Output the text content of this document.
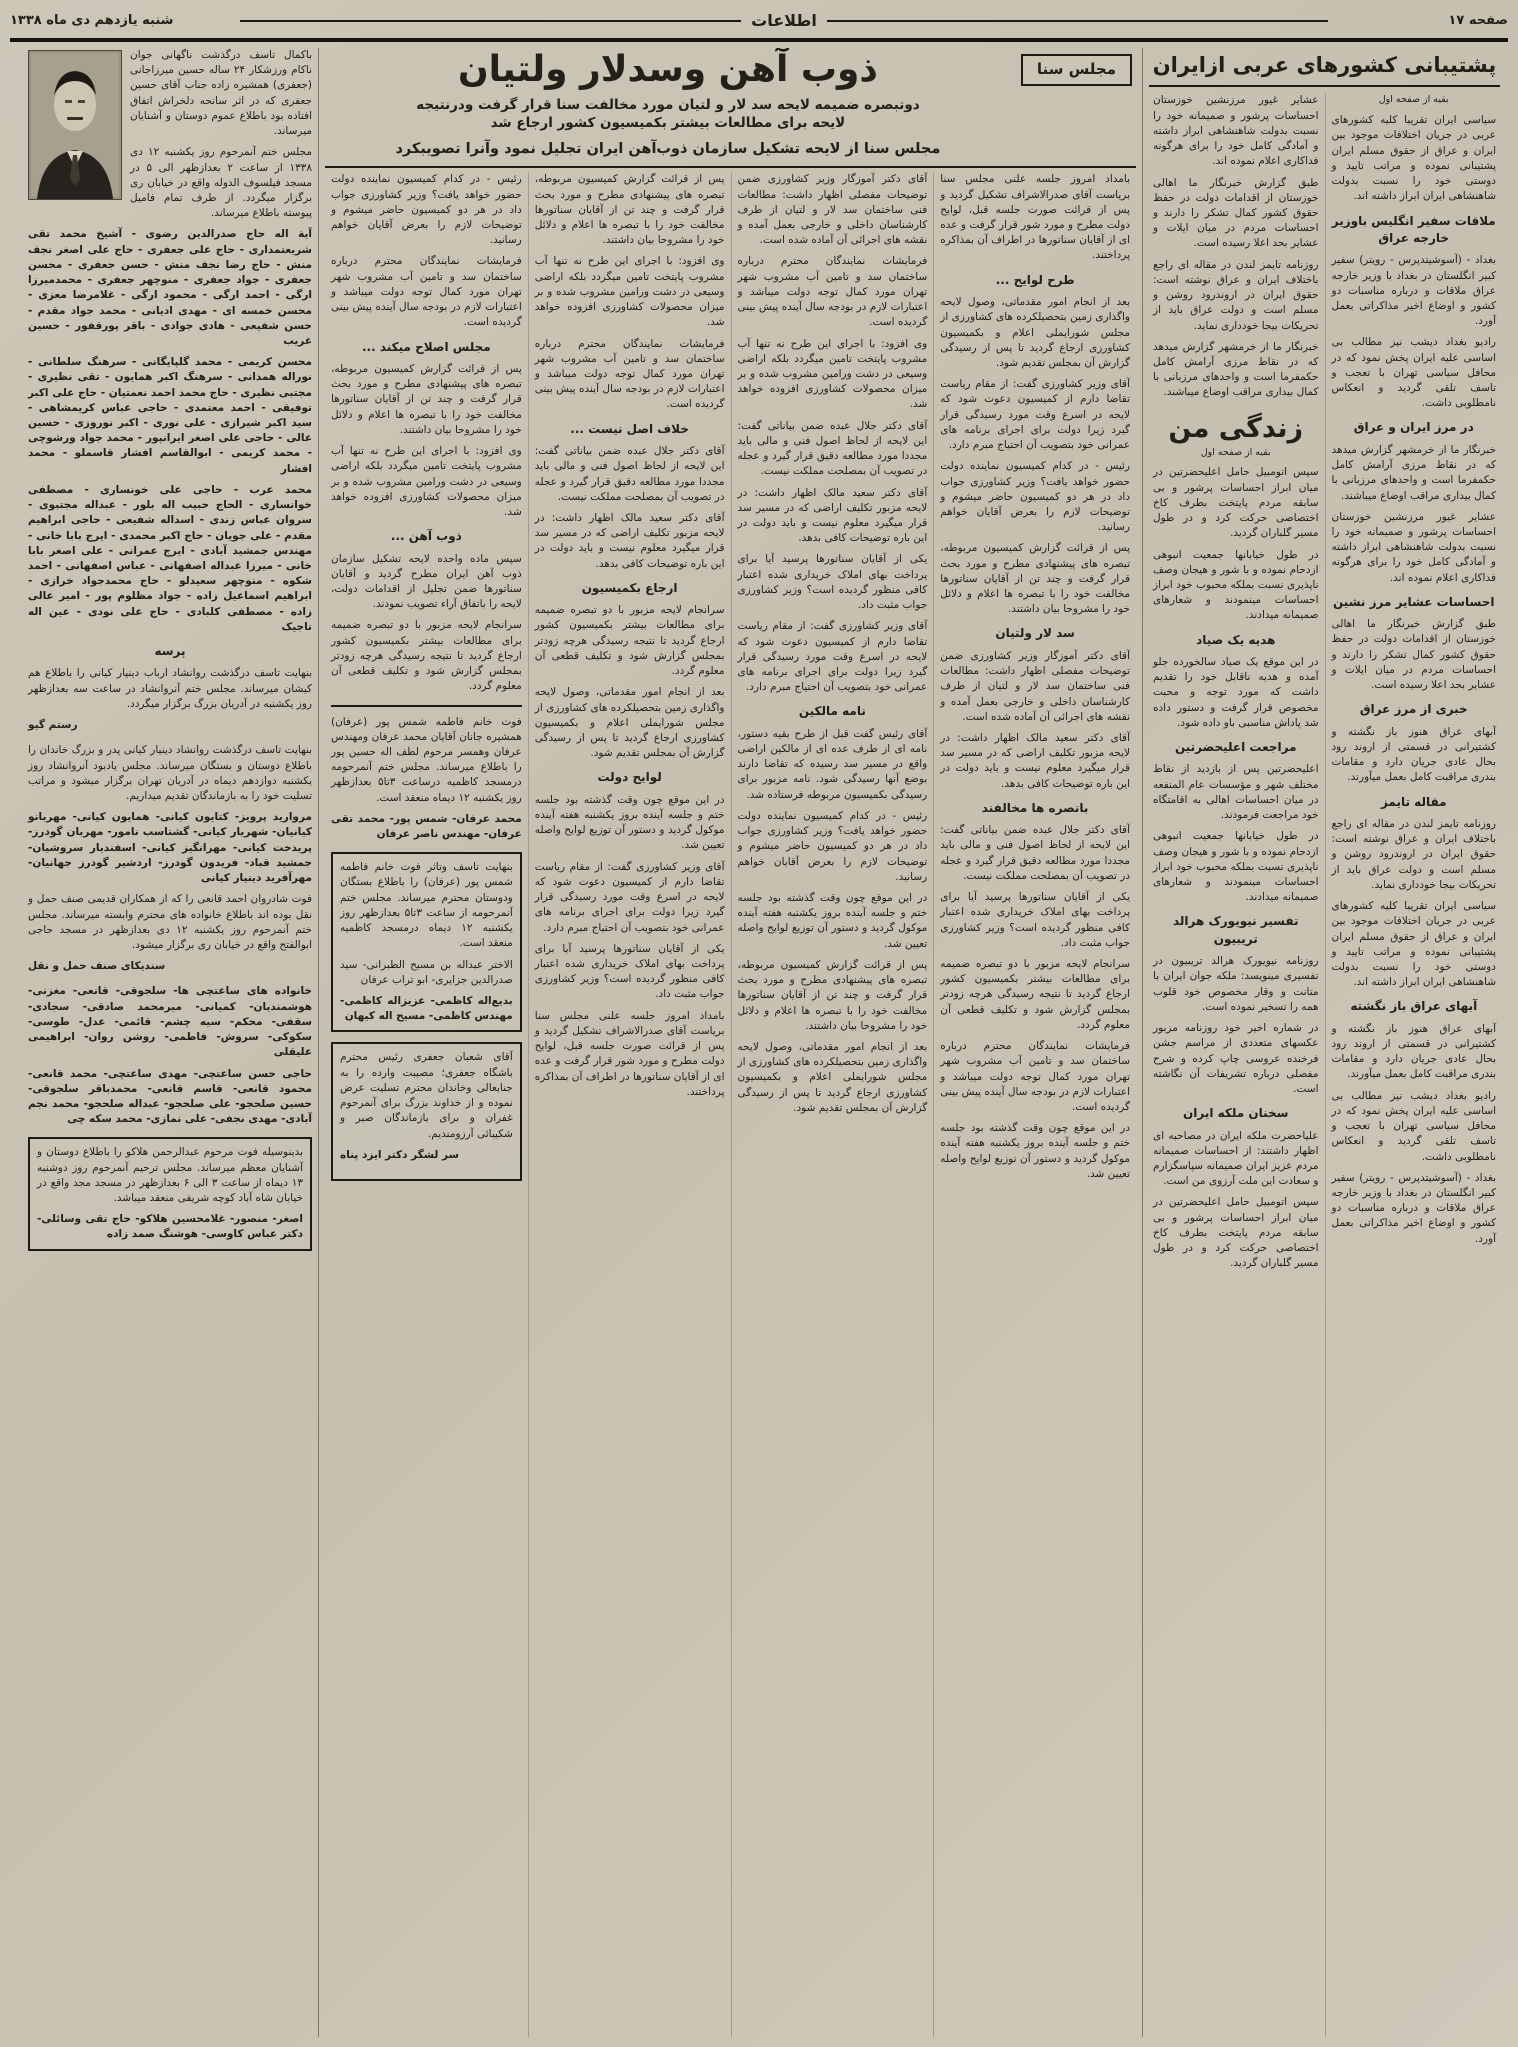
صفحه ۱۷
اطلاعات
شنبه یازدهم دی ماه ۱۳۳۸
پشتیبانی کشورهای عربی ازایران
بقیه از صفحه اول
سیاسی ایران تقریبا کلیه کشورهای عربی در جریان اختلافات موجود بین ایران و عراق از حقوق مسلم ایران پشتیبانی نموده و مراتب تایید و دوستی خود را نسبت بدولت شاهنشاهی ایران ابراز داشته اند.
ملاقات سفیر انگلیس باوزیر خارجه عراق
بغداد - (آسوشیتدپرس - رویتر) سفیر کبیر انگلستان در بغداد با وزیر خارجه عراق ملاقات و درباره مناسبات دو کشور و اوضاع اخیر مذاکراتی بعمل آورد.
رادیو بغداد دیشب نیز مطالب بی اساسی علیه ایران پخش نمود که در محافل سیاسی تهران با تعجب و تاسف تلقی گردید و انعکاس نامطلوبی داشت.
در مرز ایران و عراق
خبرنگار ما از خرمشهر گزارش میدهد که در نقاط مرزی آرامش کامل حکمفرما است و واحدهای مرزبانی با کمال بیداری مراقب اوضاع میباشند.
عشایر غیور مرزنشین خوزستان احساسات پرشور و صمیمانه خود را نسبت بدولت شاهنشاهی ابراز داشته و آمادگی کامل خود را برای هرگونه فداکاری اعلام نموده اند.
احساسات عشایر مرز نشین
طبق گزارش خبرنگار ما اهالی خوزستان از اقدامات دولت در حفظ حقوق کشور کمال تشکر را دارند و احساسات مردم در میان ایلات و عشایر بحد اعلا رسیده است.
خبری از مرز عراق
آبهای عراق هنوز باز نگشته و کشتیرانی در قسمتی از اروند رود بحال عادی جریان دارد و مقامات بندری مراقبت کامل بعمل میآورند.
مقاله تایمز
روزنامه تایمز لندن در مقاله ای راجع باختلاف ایران و عراق نوشته است: حقوق ایران در اروندرود روشن و مسلم است و دولت عراق باید از تحریکات بیجا خودداری نماید.
سیاسی ایران تقریبا کلیه کشورهای عربی در جریان اختلافات موجود بین ایران و عراق از حقوق مسلم ایران پشتیبانی نموده و مراتب تایید و دوستی خود را نسبت بدولت شاهنشاهی ایران ابراز داشته اند.
آبهای عراق باز نگشته
آبهای عراق هنوز باز نگشته و کشتیرانی در قسمتی از اروند رود بحال عادی جریان دارد و مقامات بندری مراقبت کامل بعمل میآورند.
رادیو بغداد دیشب نیز مطالب بی اساسی علیه ایران پخش نمود که در محافل سیاسی تهران با تعجب و تاسف تلقی گردید و انعکاس نامطلوبی داشت.
بغداد - (آسوشیتدپرس - رویتر) سفیر کبیر انگلستان در بغداد با وزیر خارجه عراق ملاقات و درباره مناسبات دو کشور و اوضاع اخیر مذاکراتی بعمل آورد.
عشایر غیور مرزنشین خوزستان احساسات پرشور و صمیمانه خود را نسبت بدولت شاهنشاهی ابراز داشته و آمادگی کامل خود را برای هرگونه فداکاری اعلام نموده اند.
طبق گزارش خبرنگار ما اهالی خوزستان از اقدامات دولت در حفظ حقوق کشور کمال تشکر را دارند و احساسات مردم در میان ایلات و عشایر بحد اعلا رسیده است.
روزنامه تایمز لندن در مقاله ای راجع باختلاف ایران و عراق نوشته است: حقوق ایران در اروندرود روشن و مسلم است و دولت عراق باید از تحریکات بیجا خودداری نماید.
خبرنگار ما از خرمشهر گزارش میدهد که در نقاط مرزی آرامش کامل حکمفرما است و واحدهای مرزبانی با کمال بیداری مراقب اوضاع میباشند.
زندگی من
بقیه از صفحه اول
سپس اتومبیل حامل اعلیحضرتین در میان ابراز احساسات پرشور و بی سابقه مردم پایتخت بطرف کاخ اختصاصی حرکت کرد و در طول مسیر گلباران گردید.
در طول خیابانها جمعیت انبوهی ازدحام نموده و با شور و هیجان وصف ناپذیری نسبت بملکه محبوب خود ابراز احساسات مینمودند و شعارهای صمیمانه میدادند.
هدیه یک صیاد
در این موقع یک صیاد سالخورده جلو آمده و هدیه ناقابل خود را تقدیم داشت که مورد توجه و محبت مخصوص قرار گرفت و دستور داده شد پاداش مناسبی باو داده شود.
مراجعت اعلیحضرتین
اعلیحضرتین پس از بازدید از نقاط مختلف شهر و مؤسسات عام المنفعه در میان احساسات اهالی به اقامتگاه خود مراجعت فرمودند.
در طول خیابانها جمعیت انبوهی ازدحام نموده و با شور و هیجان وصف ناپذیری نسبت بملکه محبوب خود ابراز احساسات مینمودند و شعارهای صمیمانه میدادند.
تفسیر نیویورک هرالد تریبیون
روزنامه نیویورک هرالد تریبیون در تفسیری مینویسد: ملکه جوان ایران با متانت و وقار مخصوص خود قلوب همه را تسخیر نموده است.
در شماره اخیر خود روزنامه مزبور عکسهای متعددی از مراسم جشن فرخنده عروسی چاپ کرده و شرح مفصلی درباره تشریفات آن نگاشته است.
سخنان ملکه ایران
علیاحضرت ملکه ایران در مصاحبه ای اظهار داشتند: از احساسات صمیمانه مردم عزیز ایران صمیمانه سپاسگزارم و سعادت این ملت آرزوی من است.
سپس اتومبیل حامل اعلیحضرتین در میان ابراز احساسات پرشور و بی سابقه مردم پایتخت بطرف کاخ اختصاصی حرکت کرد و در طول مسیر گلباران گردید.
مجلس سنا
ذوب آهن وسدلار ولتیان
دوتبصره ضمیمه لایحه سد لار و لتیان مورد مخالفت سنا قرار گرفت ودرنتیجه
لایحه برای مطالعات بیشتر بکمیسیون کشور ارجاع شد
مجلس سنا از لایحه تشکیل سازمان ذوب‌آهن ایران تجلیل نمود وآنرا تصویبکرد
بامداد امروز جلسه علنی مجلس سنا بریاست آقای صدرالاشراف تشکیل گردید و پس از قرائت صورت جلسه قبل، لوایح دولت مطرح و مورد شور قرار گرفت و عده ای از آقایان سناتورها در اطراف آن بمذاکره پرداختند.
طرح لوایح ...
بعد از انجام امور مقدماتی، وصول لایحه واگذاری زمین بتحصیلکرده های کشاورزی از مجلس شورایملی اعلام و بکمیسیون کشاورزی ارجاع گردید تا پس از رسیدگی گزارش آن بمجلس تقدیم شود.
آقای وزیر کشاورزی گفت: از مقام ریاست تقاضا دارم از کمیسیون دعوت شود که لایحه در اسرع وقت مورد رسیدگی قرار گیرد زیرا دولت برای اجرای برنامه های عمرانی خود بتصویب آن احتیاج مبرم دارد.
رئیس - در کدام کمیسیون نماینده دولت حضور خواهد یافت؟ وزیر کشاورزی جواب داد در هر دو کمیسیون حاضر میشوم و توضیحات لازم را بعرض آقایان خواهم رسانید.
پس از قرائت گزارش کمیسیون مربوطه، تبصره های پیشنهادی مطرح و مورد بحث قرار گرفت و چند تن از آقایان سناتورها مخالفت خود را با تبصره ها اعلام و دلائل خود را مشروحا بیان داشتند.
سد لار ولتیان
آقای دکتر آموزگار وزیر کشاورزی ضمن توضیحات مفصلی اظهار داشت: مطالعات فنی ساختمان سد لار و لتیان از طرف کارشناسان داخلی و خارجی بعمل آمده و نقشه های اجرائی آن آماده شده است.
آقای دکتر سعید مالک اظهار داشت: در لایحه مزبور تکلیف اراضی که در مسیر سد قرار میگیرد معلوم نیست و باید دولت در این باره توضیحات کافی بدهد.
باتصره ها مخالفند
آقای دکتر جلال عبده ضمن بیاناتی گفت: این لایحه از لحاظ اصول فنی و مالی باید مجددا مورد مطالعه دقیق قرار گیرد و عجله در تصویب آن بمصلحت مملکت نیست.
یکی از آقایان سناتورها پرسید آیا برای پرداخت بهای املاک خریداری شده اعتبار کافی منظور گردیده است؟ وزیر کشاورزی جواب مثبت داد.
سرانجام لایحه مزبور با دو تبصره ضمیمه برای مطالعات بیشتر بکمیسیون کشور ارجاع گردید تا نتیجه رسیدگی هرچه زودتر بمجلس گزارش شود و تکلیف قطعی آن معلوم گردد.
فرمایشات نمایندگان محترم درباره ساختمان سد و تامین آب مشروب شهر تهران مورد کمال توجه دولت میباشد و اعتبارات لازم در بودجه سال آینده پیش بینی گردیده است.
در این موقع چون وقت گذشته بود جلسه ختم و جلسه آینده بروز یکشنبه هفته آینده موکول گردید و دستور آن توزیع لوایح واصله تعیین شد.
آقای دکتر آموزگار وزیر کشاورزی ضمن توضیحات مفصلی اظهار داشت: مطالعات فنی ساختمان سد لار و لتیان از طرف کارشناسان داخلی و خارجی بعمل آمده و نقشه های اجرائی آن آماده شده است.
فرمایشات نمایندگان محترم درباره ساختمان سد و تامین آب مشروب شهر تهران مورد کمال توجه دولت میباشد و اعتبارات لازم در بودجه سال آینده پیش بینی گردیده است.
وی افزود: با اجرای این طرح نه تنها آب مشروب پایتخت تامین میگردد بلکه اراضی وسیعی در دشت ورامین مشروب شده و بر میزان محصولات کشاورزی افزوده خواهد شد.
آقای دکتر جلال عبده ضمن بیاناتی گفت: این لایحه از لحاظ اصول فنی و مالی باید مجددا مورد مطالعه دقیق قرار گیرد و عجله در تصویب آن بمصلحت مملکت نیست.
آقای دکتر سعید مالک اظهار داشت: در لایحه مزبور تکلیف اراضی که در مسیر سد قرار میگیرد معلوم نیست و باید دولت در این باره توضیحات کافی بدهد.
یکی از آقایان سناتورها پرسید آیا برای پرداخت بهای املاک خریداری شده اعتبار کافی منظور گردیده است؟ وزیر کشاورزی جواب مثبت داد.
آقای وزیر کشاورزی گفت: از مقام ریاست تقاضا دارم از کمیسیون دعوت شود که لایحه در اسرع وقت مورد رسیدگی قرار گیرد زیرا دولت برای اجرای برنامه های عمرانی خود بتصویب آن احتیاج مبرم دارد.
نامه مالکین
آقای رئیس گفت قبل از طرح بقیه دستور، نامه ای از طرف عده ای از مالکین اراضی واقع در مسیر سد رسیده که تقاضا دارند بوضع آنها رسیدگی شود. نامه مزبور برای رسیدگی بکمیسیون مربوطه فرستاده شد.
رئیس - در کدام کمیسیون نماینده دولت حضور خواهد یافت؟ وزیر کشاورزی جواب داد در هر دو کمیسیون حاضر میشوم و توضیحات لازم را بعرض آقایان خواهم رسانید.
در این موقع چون وقت گذشته بود جلسه ختم و جلسه آینده بروز یکشنبه هفته آینده موکول گردید و دستور آن توزیع لوایح واصله تعیین شد.
پس از قرائت گزارش کمیسیون مربوطه، تبصره های پیشنهادی مطرح و مورد بحث قرار گرفت و چند تن از آقایان سناتورها مخالفت خود را با تبصره ها اعلام و دلائل خود را مشروحا بیان داشتند.
بعد از انجام امور مقدماتی، وصول لایحه واگذاری زمین بتحصیلکرده های کشاورزی از مجلس شورایملی اعلام و بکمیسیون کشاورزی ارجاع گردید تا پس از رسیدگی گزارش آن بمجلس تقدیم شود.
پس از قرائت گزارش کمیسیون مربوطه، تبصره های پیشنهادی مطرح و مورد بحث قرار گرفت و چند تن از آقایان سناتورها مخالفت خود را با تبصره ها اعلام و دلائل خود را مشروحا بیان داشتند.
وی افزود: با اجرای این طرح نه تنها آب مشروب پایتخت تامین میگردد بلکه اراضی وسیعی در دشت ورامین مشروب شده و بر میزان محصولات کشاورزی افزوده خواهد شد.
فرمایشات نمایندگان محترم درباره ساختمان سد و تامین آب مشروب شهر تهران مورد کمال توجه دولت میباشد و اعتبارات لازم در بودجه سال آینده پیش بینی گردیده است.
خلاف اصل نیست ...
آقای دکتر جلال عبده ضمن بیاناتی گفت: این لایحه از لحاظ اصول فنی و مالی باید مجددا مورد مطالعه دقیق قرار گیرد و عجله در تصویب آن بمصلحت مملکت نیست.
آقای دکتر سعید مالک اظهار داشت: در لایحه مزبور تکلیف اراضی که در مسیر سد قرار میگیرد معلوم نیست و باید دولت در این باره توضیحات کافی بدهد.
ارجاع بکمیسیون
سرانجام لایحه مزبور با دو تبصره ضمیمه برای مطالعات بیشتر بکمیسیون کشور ارجاع گردید تا نتیجه رسیدگی هرچه زودتر بمجلس گزارش شود و تکلیف قطعی آن معلوم گردد.
بعد از انجام امور مقدماتی، وصول لایحه واگذاری زمین بتحصیلکرده های کشاورزی از مجلس شورایملی اعلام و بکمیسیون کشاورزی ارجاع گردید تا پس از رسیدگی گزارش آن بمجلس تقدیم شود.
لوایح دولت
در این موقع چون وقت گذشته بود جلسه ختم و جلسه آینده بروز یکشنبه هفته آینده موکول گردید و دستور آن توزیع لوایح واصله تعیین شد.
آقای وزیر کشاورزی گفت: از مقام ریاست تقاضا دارم از کمیسیون دعوت شود که لایحه در اسرع وقت مورد رسیدگی قرار گیرد زیرا دولت برای اجرای برنامه های عمرانی خود بتصویب آن احتیاج مبرم دارد.
یکی از آقایان سناتورها پرسید آیا برای پرداخت بهای املاک خریداری شده اعتبار کافی منظور گردیده است؟ وزیر کشاورزی جواب مثبت داد.
بامداد امروز جلسه علنی مجلس سنا بریاست آقای صدرالاشراف تشکیل گردید و پس از قرائت صورت جلسه قبل، لوایح دولت مطرح و مورد شور قرار گرفت و عده ای از آقایان سناتورها در اطراف آن بمذاکره پرداختند.
رئیس - در کدام کمیسیون نماینده دولت حضور خواهد یافت؟ وزیر کشاورزی جواب داد در هر دو کمیسیون حاضر میشوم و توضیحات لازم را بعرض آقایان خواهم رسانید.
فرمایشات نمایندگان محترم درباره ساختمان سد و تامین آب مشروب شهر تهران مورد کمال توجه دولت میباشد و اعتبارات لازم در بودجه سال آینده پیش بینی گردیده است.
مجلس اصلاح میکند ...
پس از قرائت گزارش کمیسیون مربوطه، تبصره های پیشنهادی مطرح و مورد بحث قرار گرفت و چند تن از آقایان سناتورها مخالفت خود را با تبصره ها اعلام و دلائل خود را مشروحا بیان داشتند.
وی افزود: با اجرای این طرح نه تنها آب مشروب پایتخت تامین میگردد بلکه اراضی وسیعی در دشت ورامین مشروب شده و بر میزان محصولات کشاورزی افزوده خواهد شد.
ذوب آهن ...
سپس ماده واحده لایحه تشکیل سازمان ذوب آهن ایران مطرح گردید و آقایان سناتورها ضمن تجلیل از اقدامات دولت، لایحه را باتفاق آراء تصویب نمودند.
سرانجام لایحه مزبور با دو تبصره ضمیمه برای مطالعات بیشتر بکمیسیون کشور ارجاع گردید تا نتیجه رسیدگی هرچه زودتر بمجلس گزارش شود و تکلیف قطعی آن معلوم گردد.
فوت خانم فاطمه شمس پور (عرفان) همشیره جانان آقایان محمد عرفان ومهندس عرفان وهمسر مرحوم لطف اله حسین پور را باطلاع میرساند. مجلس ختم آنمرحومه درمسجد کاظمیه درساعت ۳تا۵ بعدازظهر روز یکشنبه ۱۲ دیماه منعقد است.
محمد عرفان- شمس پور- محمد تقی عرفان- مهندس ناصر عرفان
بنهایت تاسف وتاثر فوت خانم فاطمه شمس پور (عرفان) را باطلاع بستگان ودوستان محترم میرساند. مجلس ختم آنمرحومه از ساعت ۳تا۵ بعدازظهر روز یکشنبه ۱۲ دیماه درمسجد کاظمیه منعقد است.
الاختر عبداله بن مسیح الطبرانی- سید صدرالدین جزایری- ابو تراب عرفان
بدیع‌اله کاظمی- عزیزاله کاظمی- مهندس کاظمی- مسیح اله کیهان
آقای شعبان جعفری رئیس محترم باشگاه جعفری؛ مصیبت وارده را به جنابعالی وخاندان محترم تسلیت عرض نموده و از خداوند بزرگ برای آنمرحوم غفران و برای بازماندگان صبر و شکیبائی آرزومندیم.
سر لشگر دکتر ایزد پناه
باکمال تاسف درگذشت ناگهانی جوان ناکام ورزشکار ۲۴ ساله حسین میرزاجانی (جعفری) همشیره زاده جناب آقای حسین جعفری که در اثر سانحه دلخراش اتفاق افتاده بود باطلاع عموم دوستان و آشنایان میرساند.
مجلس ختم آنمرحوم روز یکشنبه ۱۲ دی ۱۳۳۸ از ساعت ۲ بعدازظهر الی ۵ در مسجد فیلسوف الدوله واقع در خیابان ری برگزار میگردد. از طرف تمام فامیل پیوسته باطلاع میرساند.
آیة اله حاج صدرالدین رضوی - آشیخ محمد تقی شریعتمداری - حاج علی جعفری - حاج علی اصغر نجف منش - حاج رضا نجف منش - حسن جعفری - محسن جعفری - جواد جعفری - منوچهر جعفری - محمدمیرزا ارگی - احمد ارگی - محمود ارگی - غلامرضا معزی - محسن خمسه ای - مهدی ادیانی - محمد جواد مقدم - حسن شفیعی - هادی جوادی - باقر پورقفور - حسین غریب
محسن کریمی - محمد گلپایگانی - سرهنگ سلطانی - نوراله همدانی - سرهنگ اکبر همایون - تقی نظیری - مجتبی نظیری - حاج محمد احمد نعمتیان - حاج علی اکبر توفیقی - احمد معتمدی - حاجی عباس کریمشاهی - سید اکبر شیرازی - علی نوری - اکبر نوروزی - حسین عالی - حاجی علی اصغر ایرانپور - محمد جواد ورشوچی - محمد کریمی - ابوالقاسم افشار قاسملو - محمد افشار
محمد عرب - حاجی علی خونساری - مصطفی خوانساری - الحاج حبیب اله بلور - عبداله مجتبوی - سروان عباس زندی - اسداله شفیعی - حاجی ابراهیم مقدم - علی جویان - حاج اکبر محمدی - ایرج بابا خانی - مهندس جمشید آبادی - ایرج عمرانی - علی اصغر بابا خانی - میرزا عبداله اصفهانی - عباس اصفهانی - احمد شکوه - منوچهر سعیدلو - حاج محمدجواد خرازی - ابراهیم اسماعیل زاده - جواد مظلوم پور - امیر عالی زاده - مصطفی کلبادی - حاج علی نودی - عین اله تاجیک
پرسه
بنهایت تاسف درگذشت روانشاد ارباب دینیار کیانی را باطلاع هم کیشان میرساند. مجلس ختم آنروانشاد در ساعت سه بعدازظهر روز یکشنبه در آدریان بزرگ برگزار میگردد.
رستم گیو
بنهایت تاسف درگذشت روانشاد دینیار کیانی پدر و بزرگ خاندان را باطلاع دوستان و بستگان میرساند. مجلس یادبود آنروانشاد روز یکشنبه دوازدهم دیماه در آدریان تهران برگزار میشود و مراتب تسلیت خود را به بازماندگان تقدیم میداریم.
مروارید پرویز- کتایون کیانی- همایون کیانی- مهربانو کیانیان- شهریار کیانی- گشتاسب نامور- مهربان گودرز- پریدخت کیانی- مهرانگیز کیانی- اسفندیار سروشیان- جمشید قباد- فریدون گودرز- اردشیر گودرز جهانیان- مهرآفرید دینیار کیانی
فوت شادروان احمد قانعی را که از همکاران قدیمی صنف حمل و نقل بوده اند باطلاع خانواده های محترم وابسته میرساند. مجلس ختم آنمرحوم روز یکشنبه ۱۲ دی بعدازظهر در مسجد حاجی ابوالفتح واقع در خیابان ری برگزار میشود.
سندیکای صنف حمل و نقل
خانواده های ساعتچی ها- سلجوقی- قانعی- مغزنی- هوشمندیان- کمیانی- میرمحمد صادقی- سجادی- سقفی- محکم- سیه چشم- قائمی- عدل- طوسی- سکوکی- سروش- فاطمی- روشن روان- ابراهیمی علیقلی
حاجی حسن ساعتچی- مهدی ساعتچی- محمد قانعی- محمود قانعی- قاسم قانعی- محمدباقر سلجوقی- حسین صلحجو- علی صلحجو- عبداله صلحجو- محمد نجم آبادی- مهدی نجفی- علی نمازی- محمد سکه چی
بدینوسیله فوت مرحوم عبدالرحمن هلاکو را باطلاع دوستان و آشنایان معظم میرساند. مجلس ترحیم آنمرحوم روز دوشنبه ۱۳ دیماه از ساعت ۳ الی ۶ بعدازظهر در مسجد مجد واقع در خیابان شاه آباد کوچه شریفی منعقد میباشد.
اصغر- منصور- غلامحسین هلاکو- حاج تقی وسائلی- دکتر عباس کاوسی- هوشنگ صمد زاده
